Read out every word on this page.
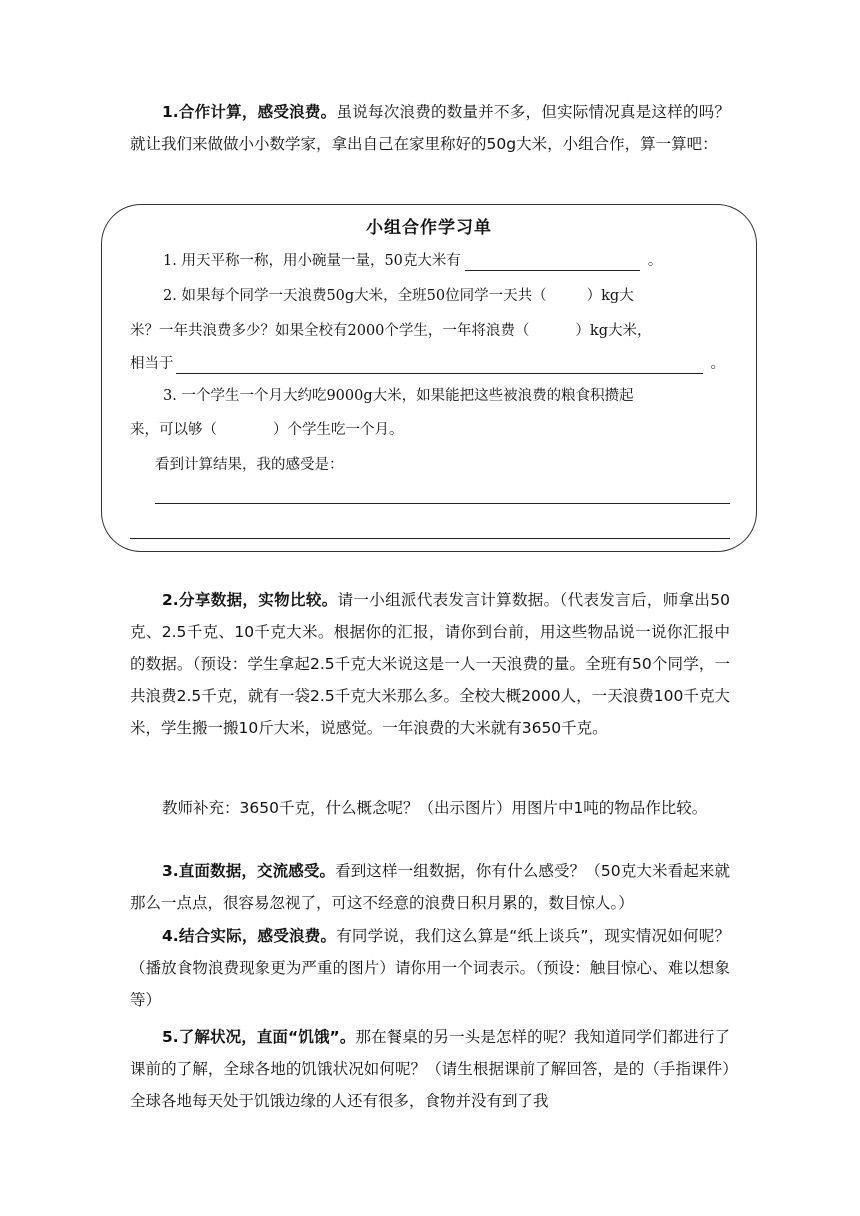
1.合作计算，感受浪费。虽说每次浪费的数量并不多，但实际情况真是这样的吗？就让我们来做做小小数学家，拿出自己在家里称好的50g大米，小组合作，算一算吧：

小组合作学习单
1. 用天平称一称，用小碗量一量，50克大米有	。
2. 如果每个同学一天浪费50g大米，全班50位同学一天共（	）kg大
米？一年共浪费多少？如果全校有2000个学生，一年将浪费（	）kg大米，
相当于	。
3. 一个学生一个月大约吃9000g大米，如果能把这些被浪费的粮食积攒起
来，可以够（	）个学生吃一个月。
看到计算结果，我的感受是：

2.分享数据，实物比较。请一小组派代表发言计算数据。（代表发言后，师拿出50克、2.5千克、10千克大米。根据你的汇报，请你到台前，用这些物品说一说你汇报中的数据。（预设：学生拿起2.5千克大米说这是一人一天浪费的量。全班有50个同学，一共浪费2.5千克，就有一袋2.5千克大米那么多。全校大概2000人，一天浪费100千克大米，学生搬一搬10斤大米，说感觉。一年浪费的大米就有3650千克。

教师补充：3650千克，什么概念呢？（出示图片）用图片中1吨的物品作比较。

3.直面数据，交流感受。看到这样一组数据，你有什么感受？（50克大米看起来就那么一点点，很容易忽视了，可这不经意的浪费日积月累的，数目惊人。）

4.结合实际，感受浪费。有同学说，我们这么算是“纸上谈兵”，现实情况如何呢？（播放食物浪费现象更为严重的图片）请你用一个词表示。（预设：触目惊心、难以想象等）

5.了解状况，直面“饥饿”。那在餐桌的另一头是怎样的呢？我知道同学们都进行了课前的了解，全球各地的饥饿状况如何呢？（请生根据课前了解回答，是的（手指课件）全球各地每天处于饥饿边缘的人还有很多，食物并没有到了我
